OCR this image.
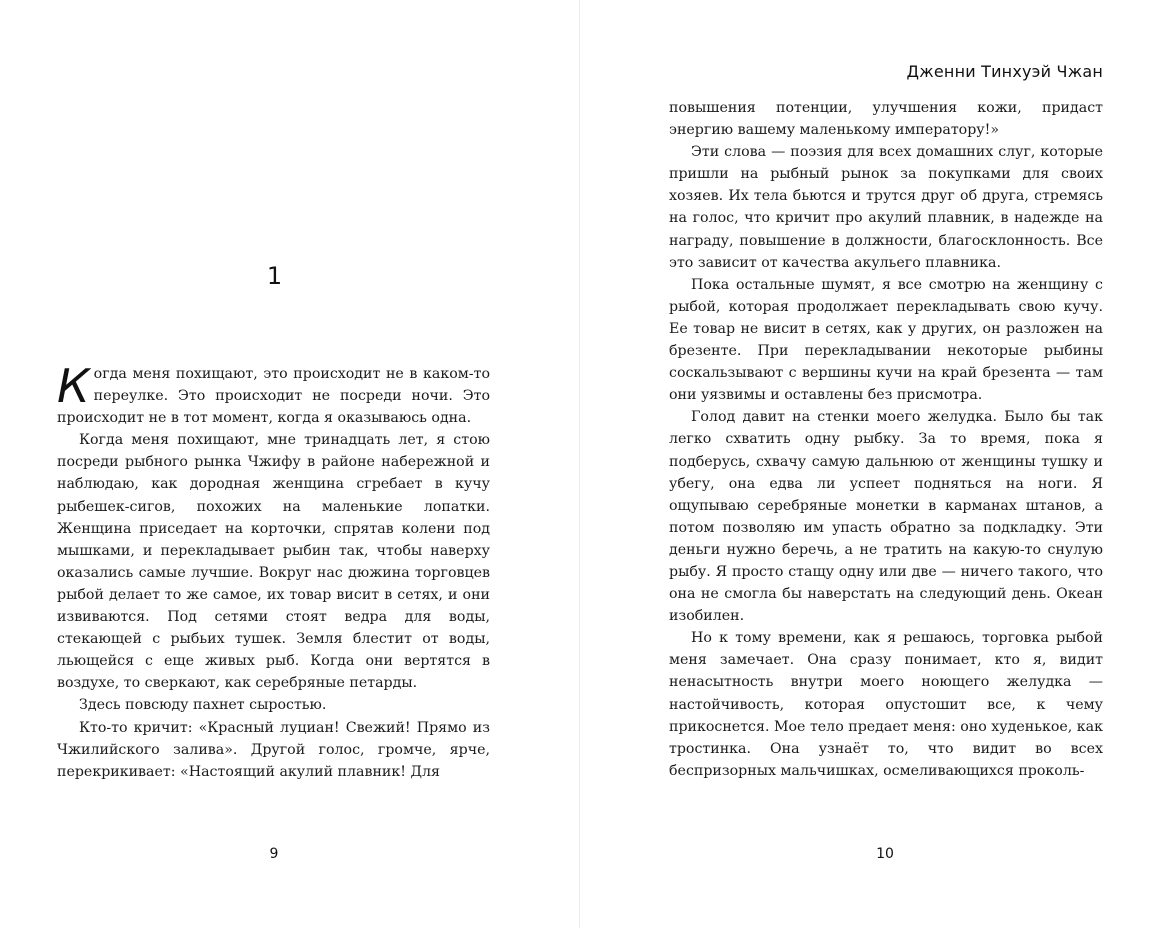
1

Когда меня похищают, это происходит не в каком-то переулке. Это происходит не посреди ночи. Это происходит не в тот момент, когда я оказываюсь одна.

Когда меня похищают, мне тринадцать лет, я стою посреди рыбного рынка Чжифу в районе набережной и наблюдаю, как дородная женщина сгребает в кучу рыбешек-сигов, похожих на маленькие лопатки. Женщина приседает на корточки, спрятав колени под мышками, и перекладывает рыбин так, чтобы наверху оказались самые лучшие. Вокруг нас дюжина торговцев рыбой делает то же самое, их товар висит в сетях, и они извиваются. Под сетями стоят ведра для воды, стекающей с рыбьих тушек. Земля блестит от воды, льющейся с еще живых рыб. Когда они вертятся в воздухе, то сверкают, как серебряные петарды.

Здесь повсюду пахнет сыростью.

Кто-то кричит: «Красный луциан! Свежий! Прямо из Чжилийского залива». Другой голос, громче, ярче, перекрикивает: «Настоящий акулий плавник! Для

9
Дженни Тинхуэй Чжан

повышения потенции, улучшения кожи, придаст энергию вашему маленькому императору!»

Эти слова — поэзия для всех домашних слуг, которые пришли на рыбный рынок за покупками для своих хозяев. Их тела бьются и трутся друг об друга, стремясь на голос, что кричит про акулий плавник, в надежде на награду, повышение в должности, благосклонность. Все это зависит от качества акульего плавника.

Пока остальные шумят, я все смотрю на женщину с рыбой, которая продолжает перекладывать свою кучу. Ее товар не висит в сетях, как у других, он разложен на брезенте. При перекладывании некоторые рыбины соскальзывают с вершины кучи на край брезента — там они уязвимы и оставлены без присмотра.

Голод давит на стенки моего желудка. Было бы так легко схватить одну рыбку. За то время, пока я подберусь, схвачу самую дальнюю от женщины тушку и убегу, она едва ли успеет подняться на ноги. Я ощупываю серебряные монетки в карманах штанов, а потом позволяю им упасть обратно за подкладку. Эти деньги нужно беречь, а не тратить на какую-то снулую рыбу. Я просто стащу одну или две — ничего такого, что она не смогла бы наверстать на следующий день. Океан изобилен.

Но к тому времени, как я решаюсь, торговка рыбой меня замечает. Она сразу понимает, кто я, видит ненасытность внутри моего ноющего желудка — настойчивость, которая опустошит все, к чему прикоснется. Мое тело предает меня: оно худенькое, как тростинка. Она узнаёт то, что видит во всех беспризорных мальчишках, осмеливающихся проколь-

10
